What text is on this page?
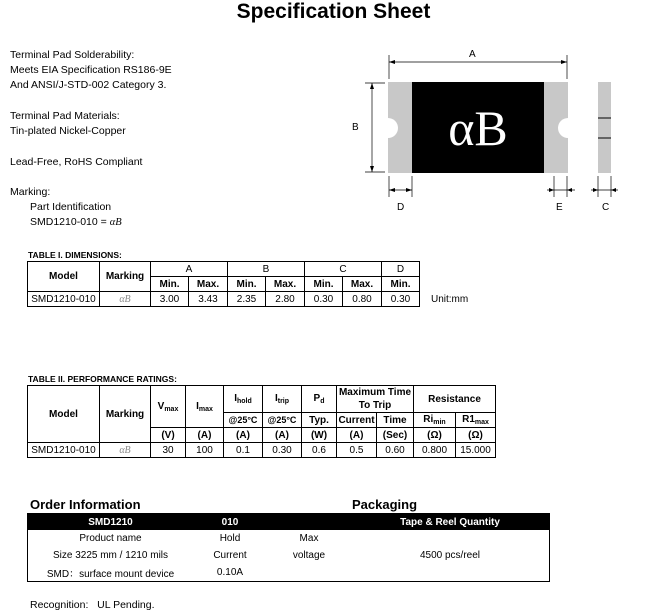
Specification Sheet
Terminal Pad Solderability:
Meets EIA Specification RS186-9E
And ANSI/J-STD-002 Category 3.
Terminal Pad Materials:
Tin-plated Nickel-Copper
Lead-Free, RoHS Compliant
Marking:
Part Identification
SMD1210-010 = αB
A
B
C
D	E
αB
TABLE I. DIMENSIONS:
Model	Marking	A		B		C		D
		Min.	Max.	Min.	Max.	Min.	Max.	Min.
SMD1210-010	αB	3.00	3.43	2.35	2.80	0.30	0.80	0.30 Unit:mm
TABLE II. PERFORMANCE RATINGS:
Model	Marking	$V_{max}$	$I_{max}$	$I_{hold}$	$I_{trip}$	$P_d$	Maximum Time To Trip		Resistance	
				@25°C	@25°C	Typ.	Current	Time	$Ri_{min}$	$R1_{max}$
		(V)	(A)	(A)	(A)	(W)	(A)	(Sec)	(Ω)	(Ω)
SMD1210-010	αB	30	100	0.1	0.30	0.6	0.5	0.60	0.800	15.000
Order Information	Packaging
SMD1210	010		Tape & Reel Quantity
Product name	Hold	Max	
Size 3225 mm / 1210 mils	Current	voltage	4500 pcs/reel
SMD：surface mount device	0.10A		
Recognition:   UL Pending.
